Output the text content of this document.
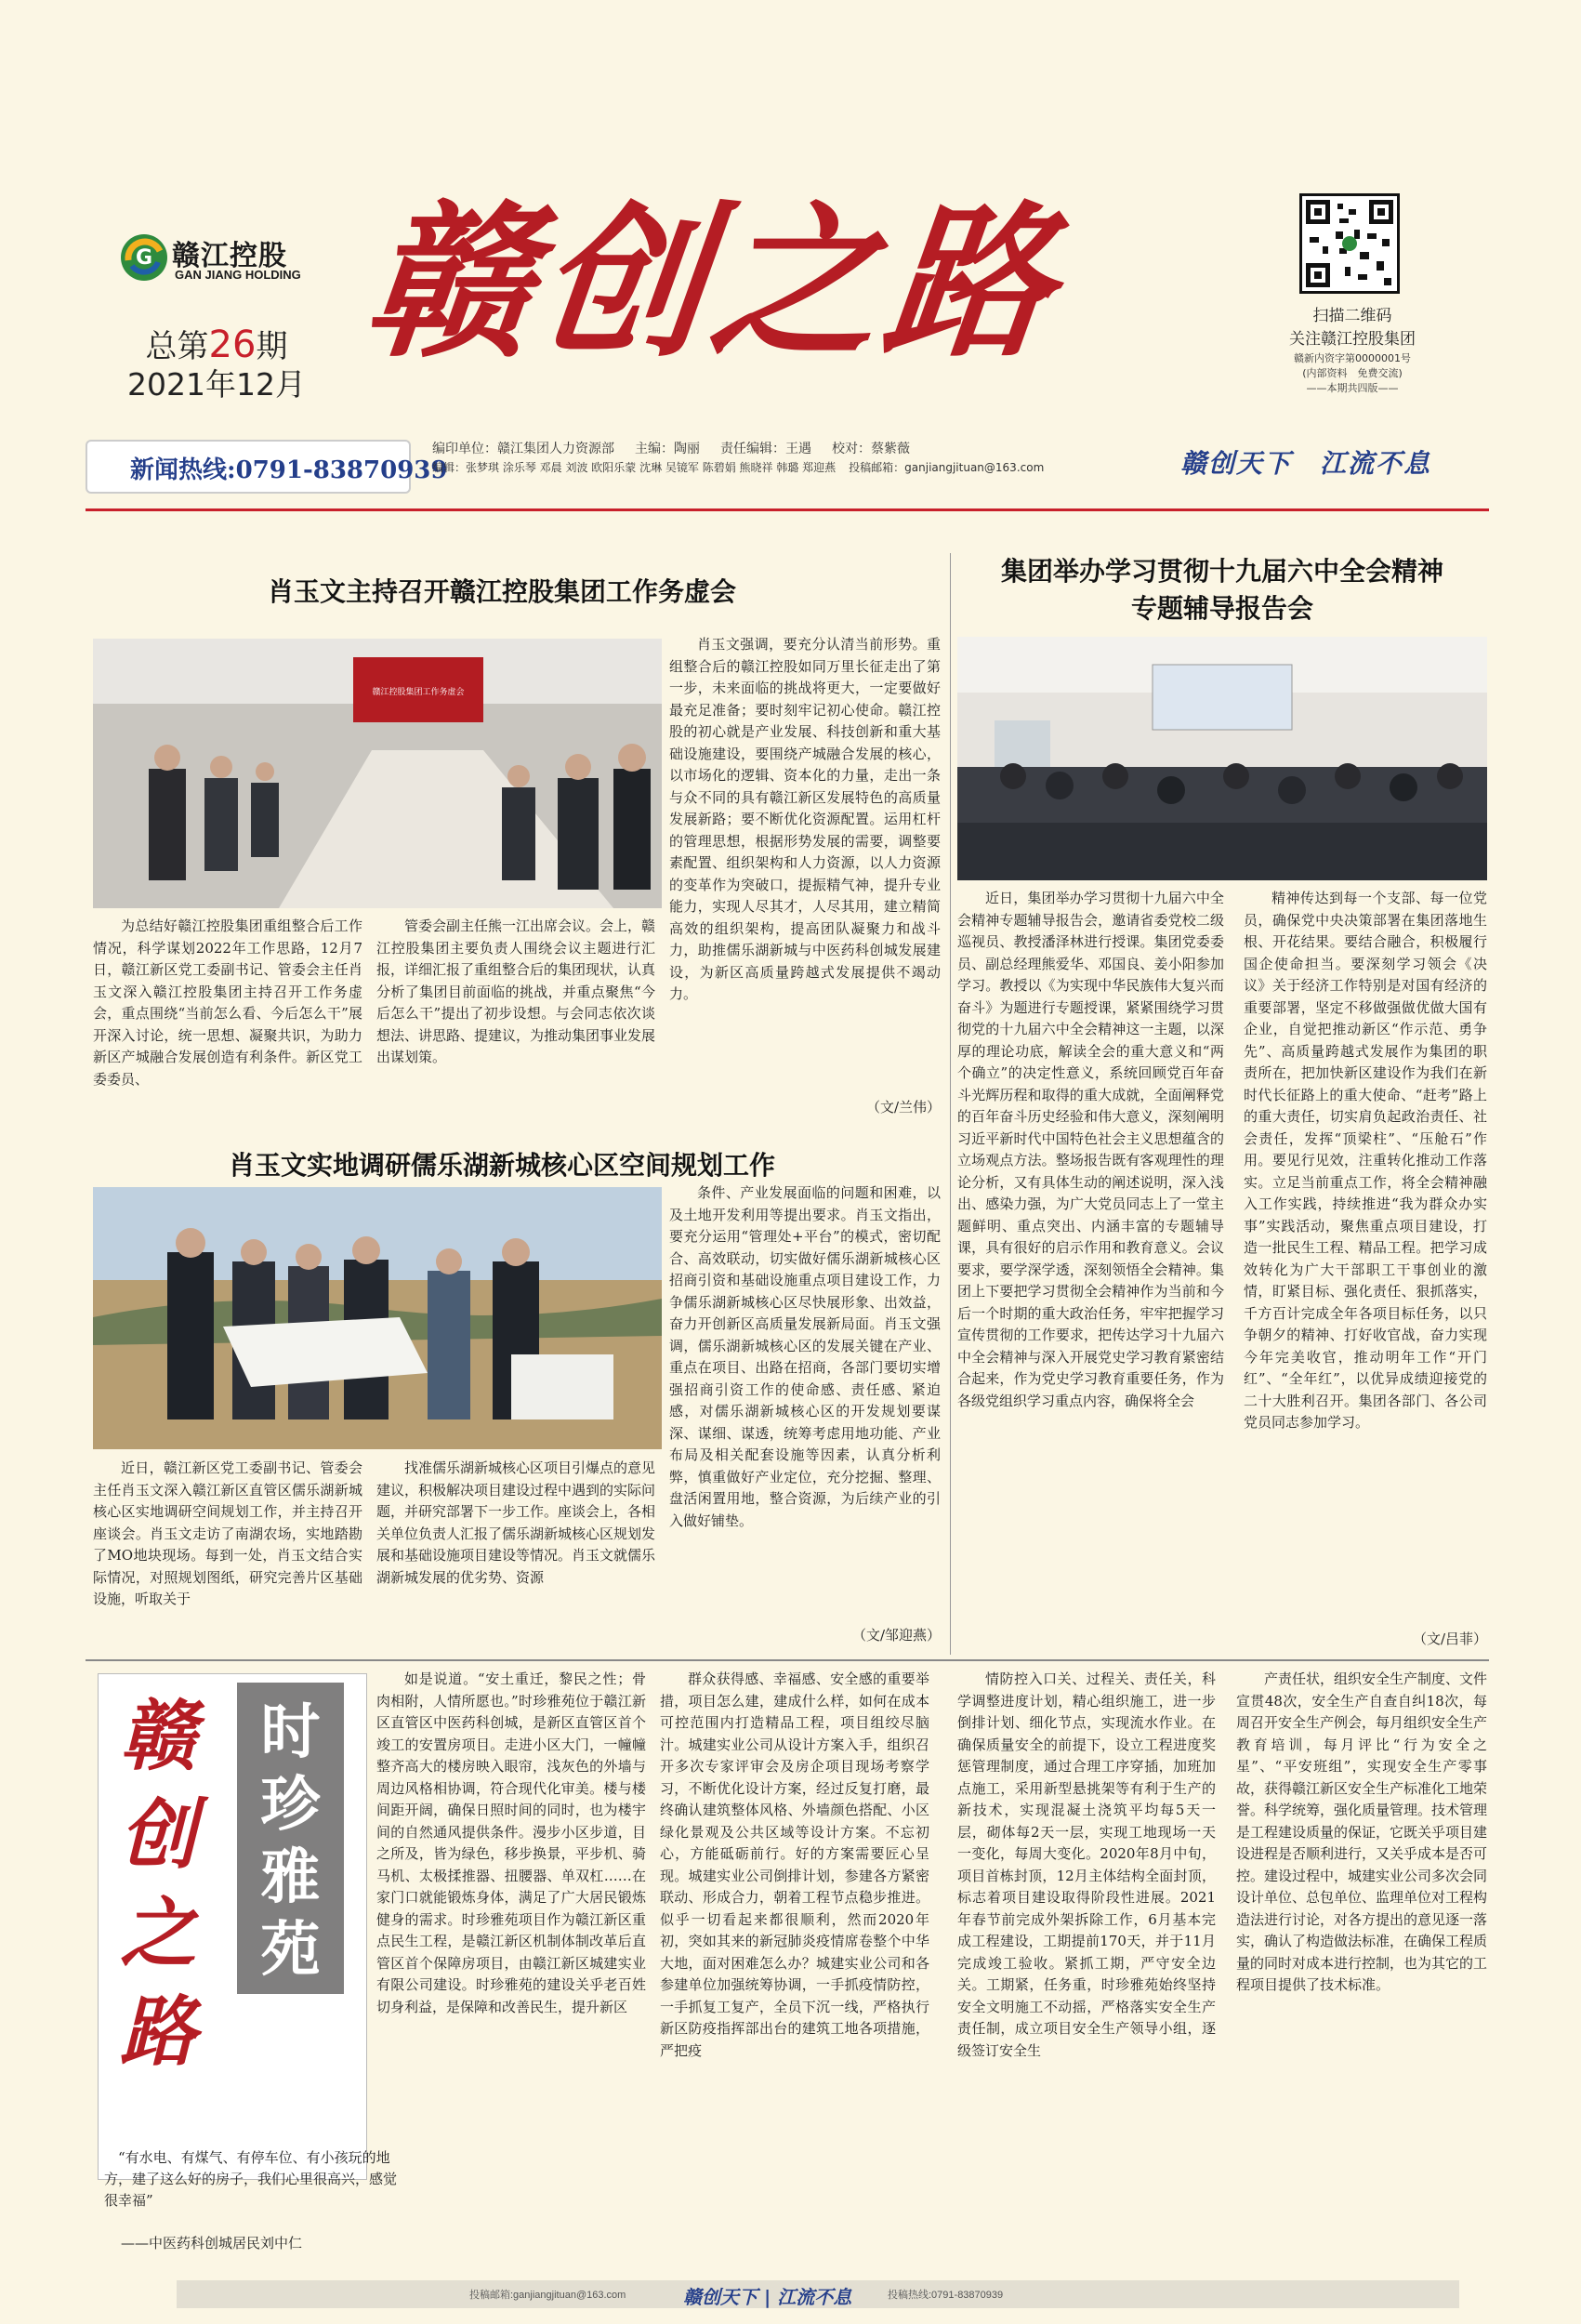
G 赣江控股
GAN JIANG HOLDING
总第26期
2021年12月
赣创之路	扫描二维码
关注赣江控股集团
赣新内资字第0000001号
(内部资料　免费交流)
——本期共四版——
新闻热线:0791-83870939
编印单位：赣江集团人力资源部 主编：陶丽 责任编辑：王遇 校对：蔡紫薇
编辑：张梦琪 涂乐琴 邓晨 刘波 欧阳乐蒙 沈琳 吴镜军 陈碧娟 熊晓祥 韩璐 郑迎燕 投稿邮箱：ganjiangjituan@163.com	赣创天下　江流不息
肖玉文主持召开赣江控股集团工作务虚会
赣江控股集团工作务虚会
为总结好赣江控股集团重组整合后工作情况，科学谋划2022年工作思路，12月7日，赣江新区党工委副书记、管委会主任肖玉文深入赣江控股集团主持召开工作务虚会，重点围绕“当前怎么看、今后怎么干”展开深入讨论，统一思想、凝聚共识，为助力新区产城融合发展创造有利条件。新区党工委委员、
管委会副主任熊一江出席会议。会上，赣江控股集团主要负责人围绕会议主题进行汇报，详细汇报了重组整合后的集团现状，认真分析了集团目前面临的挑战，并重点聚焦“今后怎么干”提出了初步设想。与会同志依次谈想法、讲思路、提建议，为推动集团事业发展出谋划策。
肖玉文强调，要充分认清当前形势。重组整合后的赣江控股如同万里长征走出了第一步，未来面临的挑战将更大，一定要做好最充足准备；要时刻牢记初心使命。赣江控股的初心就是产业发展、科技创新和重大基础设施建设，要围绕产城融合发展的核心，以市场化的逻辑、资本化的力量，走出一条与众不同的具有赣江新区发展特色的高质量发展新路；要不断优化资源配置。运用杠杆的管理思想，根据形势发展的需要，调整要素配置、组织架构和人力资源，以人力资源的变革作为突破口，提振精气神，提升专业能力，实现人尽其才，人尽其用，建立精简高效的组织架构，提高团队凝聚力和战斗力，助推儒乐湖新城与中医药科创城发展建设，为新区高质量跨越式发展提供不竭动力。
（文/兰伟）
肖玉文实地调研儒乐湖新城核心区空间规划工作
近日，赣江新区党工委副书记、管委会主任肖玉文深入赣江新区直管区儒乐湖新城核心区实地调研空间规划工作，并主持召开座谈会。肖玉文走访了南湖农场，实地踏勘了MO地块现场。每到一处，肖玉文结合实际情况，对照规划图纸，研究完善片区基础设施，听取关于
找准儒乐湖新城核心区项目引爆点的意见建议，积极解决项目建设过程中遇到的实际问题，并研究部署下一步工作。座谈会上，各相关单位负责人汇报了儒乐湖新城核心区规划发展和基础设施项目建设等情况。肖玉文就儒乐湖新城发展的优劣势、资源
条件、产业发展面临的问题和困难，以及土地开发利用等提出要求。肖玉文指出，要充分运用“管理处+平台”的模式，密切配合、高效联动，切实做好儒乐湖新城核心区招商引资和基础设施重点项目建设工作，力争儒乐湖新城核心区尽快展形象、出效益，奋力开创新区高质量发展新局面。肖玉文强调，儒乐湖新城核心区的发展关键在产业、重点在项目、出路在招商，各部门要切实增强招商引资工作的使命感、责任感、紧迫感，对儒乐湖新城核心区的开发规划要谋深、谋细、谋透，统筹考虑用地功能、产业布局及相关配套设施等因素，认真分析利弊，慎重做好产业定位，充分挖掘、整理、盘活闲置用地，整合资源，为后续产业的引入做好铺垫。
（文/邹迎燕）
集团举办学习贯彻十九届六中全会精神
专题辅导报告会
近日，集团举办学习贯彻十九届六中全会精神专题辅导报告会，邀请省委党校二级巡视员、教授潘泽林进行授课。集团党委委员、副总经理熊爱华、邓国良、姜小阳参加学习。教授以《为实现中华民族伟大复兴而奋斗》为题进行专题授课，紧紧围绕学习贯彻党的十九届六中全会精神这一主题，以深厚的理论功底，解读全会的重大意义和“两个确立”的决定性意义，系统回顾党百年奋斗光辉历程和取得的重大成就，全面阐释党的百年奋斗历史经验和伟大意义，深刻阐明习近平新时代中国特色社会主义思想蕴含的立场观点方法。整场报告既有客观理性的理论分析，又有具体生动的阐述说明，深入浅出、感染力强，为广大党员同志上了一堂主题鲜明、重点突出、内涵丰富的专题辅导课，具有很好的启示作用和教育意义。会议要求，要学深学透，深刻领悟全会精神。集团上下要把学习贯彻全会精神作为当前和今后一个时期的重大政治任务，牢牢把握学习宣传贯彻的工作要求，把传达学习十九届六中全会精神与深入开展党史学习教育紧密结合起来，作为党史学习教育重要任务，作为各级党组织学习重点内容，确保将全会
精神传达到每一个支部、每一位党员，确保党中央决策部署在集团落地生根、开花结果。要结合融合，积极履行国企使命担当。要深刻学习领会《决议》关于经济工作特别是对国有经济的重要部署，坚定不移做强做优做大国有企业，自觉把推动新区“作示范、勇争先”、高质量跨越式发展作为集团的职责所在，把加快新区建设作为我们在新时代长征路上的重大使命、“赶考”路上的重大责任，切实肩负起政治责任、社会责任，发挥“顶梁柱”、“压舱石”作用。要见行见效，注重转化推动工作落实。立足当前重点工作，将全会精神融入工作实践，持续推进“我为群众办实事”实践活动，聚焦重点项目建设，打造一批民生工程、精品工程。把学习成效转化为广大干部职工干事创业的激情，盯紧目标、强化责任、狠抓落实，千方百计完成全年各项目标任务，以只争朝夕的精神、打好收官战，奋力实现今年完美收官，推动明年工作“开门红”、“全年红”，以优异成绩迎接党的二十大胜利召开。集团各部门、各公司党员同志参加学习。
（文/吕菲）
赣创之路
时珍雅苑
“有水电、有煤气、有停车位、有小孩玩的地方，建了这么好的房子，我们心里很高兴，感觉很幸福”
——中医药科创城居民刘中仁
如是说道。“安土重迁，黎民之性；骨肉相附，人情所愿也。”时珍雅苑位于赣江新区直管区中医药科创城，是新区直管区首个竣工的安置房项目。走进小区大门，一幢幢整齐高大的楼房映入眼帘，浅灰色的外墙与周边风格相协调，符合现代化审美。楼与楼间距开阔，确保日照时间的同时，也为楼宇间的自然通风提供条件。漫步小区步道，目之所及，皆为绿色，移步换景，平步机、骑马机、太极揉推器、扭腰器、单双杠……在家门口就能锻炼身体，满足了广大居民锻炼健身的需求。时珍雅苑项目作为赣江新区重点民生工程，是赣江新区机制体制改革后直管区首个保障房项目，由赣江新区城建实业有限公司建设。时珍雅苑的建设关乎老百姓切身利益，是保障和改善民生，提升新区
群众获得感、幸福感、安全感的重要举措，项目怎么建，建成什么样，如何在成本可控范围内打造精品工程，项目组绞尽脑汁。城建实业公司从设计方案入手，组织召开多次专家评审会及房企项目现场考察学习，不断优化设计方案，经过反复打磨，最终确认建筑整体风格、外墙颜色搭配、小区绿化景观及公共区域等设计方案。不忘初心，方能砥砺前行。好的方案需要匠心呈现。城建实业公司倒排计划，参建各方紧密联动、形成合力，朝着工程节点稳步推进。似乎一切看起来都很顺利，然而2020年初，突如其来的新冠肺炎疫情席卷整个中华大地，面对困难怎么办？城建实业公司和各参建单位加强统筹协调，一手抓疫情防控，一手抓复工复产，全员下沉一线，严格执行新区防疫指挥部出台的建筑工地各项措施，严把疫
情防控入口关、过程关、责任关，科学调整进度计划，精心组织施工，进一步倒排计划、细化节点，实现流水作业。在确保质量安全的前提下，设立工程进度奖惩管理制度，通过合理工序穿插，加班加点施工，采用新型悬挑架等有利于生产的新技术，实现混凝土浇筑平均每5天一层，砌体每2天一层，实现工地现场一天一变化，每周大变化。2020年8月中旬，项目首栋封顶，12月主体结构全面封顶，标志着项目建设取得阶段性进展。2021年春节前完成外架拆除工作，6月基本完成工程建设，工期提前170天，并于11月完成竣工验收。紧抓工期，严守安全边关。工期紧，任务重，时珍雅苑始终坚持安全文明施工不动摇，严格落实安全生产责任制，成立项目安全生产领导小组，逐级签订安全生
产责任状，组织安全生产制度、文件宣贯48次，安全生产自查自纠18次，每周召开安全生产例会，每月组织安全生产教育培训，每月评比“行为安全之星”、“平安班组”，实现安全生产零事故，获得赣江新区安全生产标准化工地荣誉。科学统筹，强化质量管理。技术管理是工程建设质量的保证，它既关乎项目建设进程是否顺利进行，又关乎成本是否可控。建设过程中，城建实业公司多次会同设计单位、总包单位、监理单位对工程构造法进行讨论，对各方提出的意见逐一落实，确认了构造做法标准，在确保工程质量的同时对成本进行控制，也为其它的工程项目提供了技术标准。
投稿邮箱:ganjiangjituan@163.com	赣创天下 | 江流不息	投稿热线:0791-83870939
